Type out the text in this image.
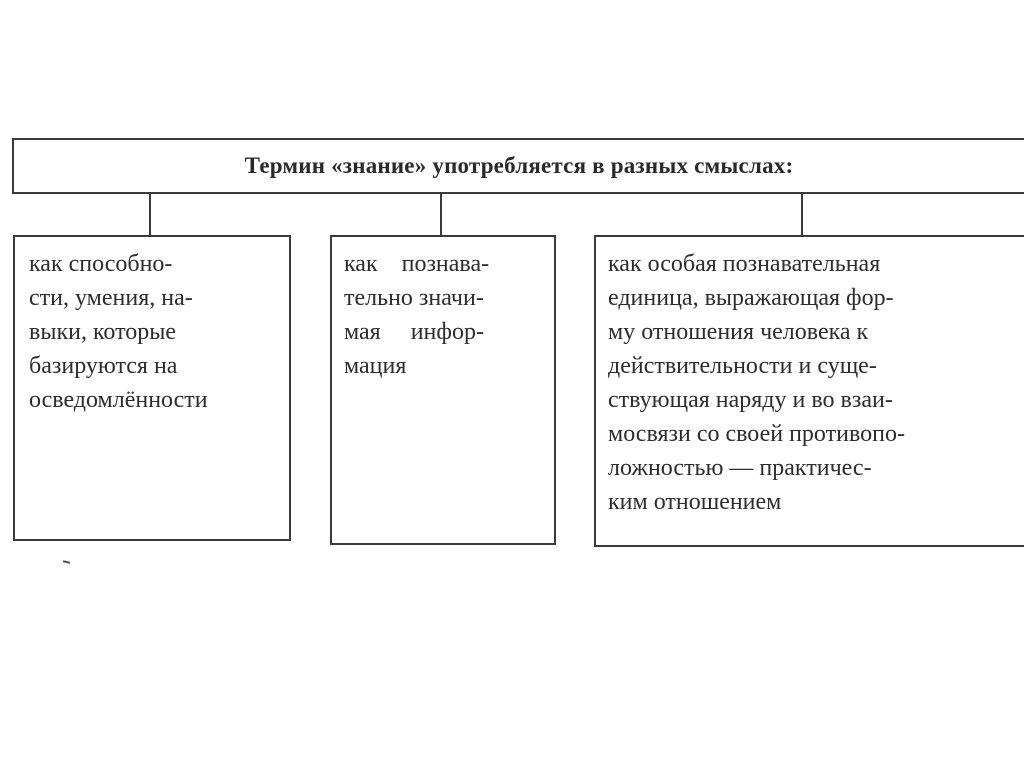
Термин «знание» употребляется в разных смыслах:
как способно-
сти, умения, на-
выки, которые
базируются на
осведомлённости
как    познава-
тельно значи-
мая     инфор-
мация
как особая познавательная
единица, выражающая фор-
му отношения человека к
действительности и суще-
ствующая наряду и во взаи-
мосвязи со своей противопо-
ложностью — практичес-
ким отношением
